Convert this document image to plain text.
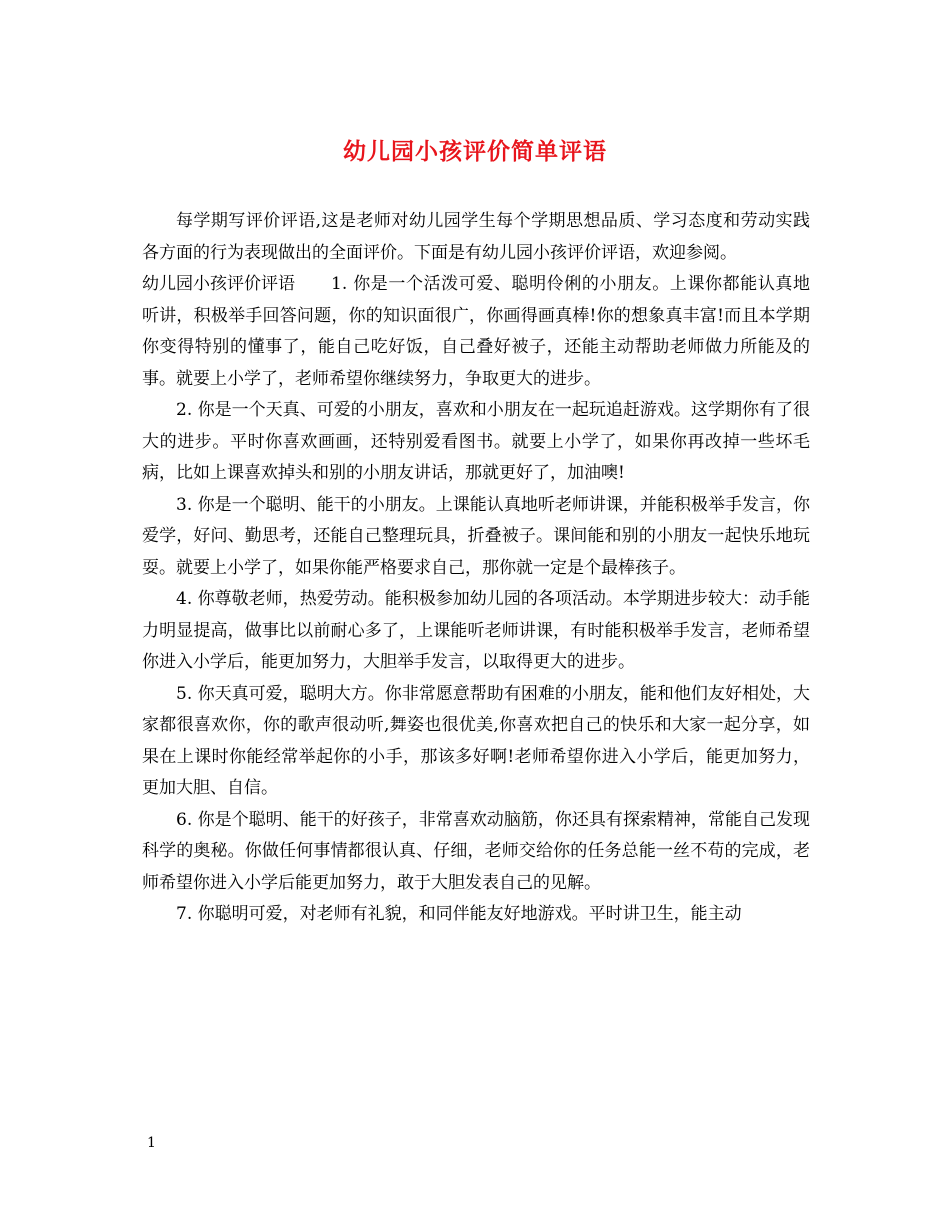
幼儿园小孩评价简单评语

每学期写评价评语,这是老师对幼儿园学生每个学期思想品质、学习态度和劳动实践各方面的行为表现做出的全面评价。下面是有幼儿园小孩评价评语，欢迎参阅。

幼儿园小孩评价评语 1. 你是一个活泼可爱、聪明伶俐的小朋友。上课你都能认真地听讲，积极举手回答问题，你的知识面很广，你画得画真棒!你的想象真丰富!而且本学期你变得特别的懂事了，能自己吃好饭，自己叠好被子，还能主动帮助老师做力所能及的事。就要上小学了，老师希望你继续努力，争取更大的进步。

2. 你是一个天真、可爱的小朋友，喜欢和小朋友在一起玩追赶游戏。这学期你有了很大的进步。平时你喜欢画画，还特别爱看图书。就要上小学了，如果你再改掉一些坏毛病，比如上课喜欢掉头和别的小朋友讲话，那就更好了，加油噢!

3. 你是一个聪明、能干的小朋友。上课能认真地听老师讲课，并能积极举手发言，你爱学，好问、勤思考，还能自己整理玩具，折叠被子。课间能和别的小朋友一起快乐地玩耍。就要上小学了，如果你能严格要求自己，那你就一定是个最棒孩子。

4. 你尊敬老师，热爱劳动。能积极参加幼儿园的各项活动。本学期进步较大：动手能力明显提高，做事比以前耐心多了，上课能听老师讲课，有时能积极举手发言，老师希望你进入小学后，能更加努力，大胆举手发言，以取得更大的进步。

5. 你天真可爱，聪明大方。你非常愿意帮助有困难的小朋友，能和他们友好相处，大家都很喜欢你，你的歌声很动听,舞姿也很优美,你喜欢把自己的快乐和大家一起分享，如果在上课时你能经常举起你的小手，那该多好啊!老师希望你进入小学后，能更加努力，更加大胆、自信。

6. 你是个聪明、能干的好孩子，非常喜欢动脑筋，你还具有探索精神，常能自己发现科学的奥秘。你做任何事情都很认真、仔细，老师交给你的任务总能一丝不苟的完成，老师希望你进入小学后能更加努力，敢于大胆发表自己的见解。

7. 你聪明可爱，对老师有礼貌，和同伴能友好地游戏。平时讲卫生，能主动

1
